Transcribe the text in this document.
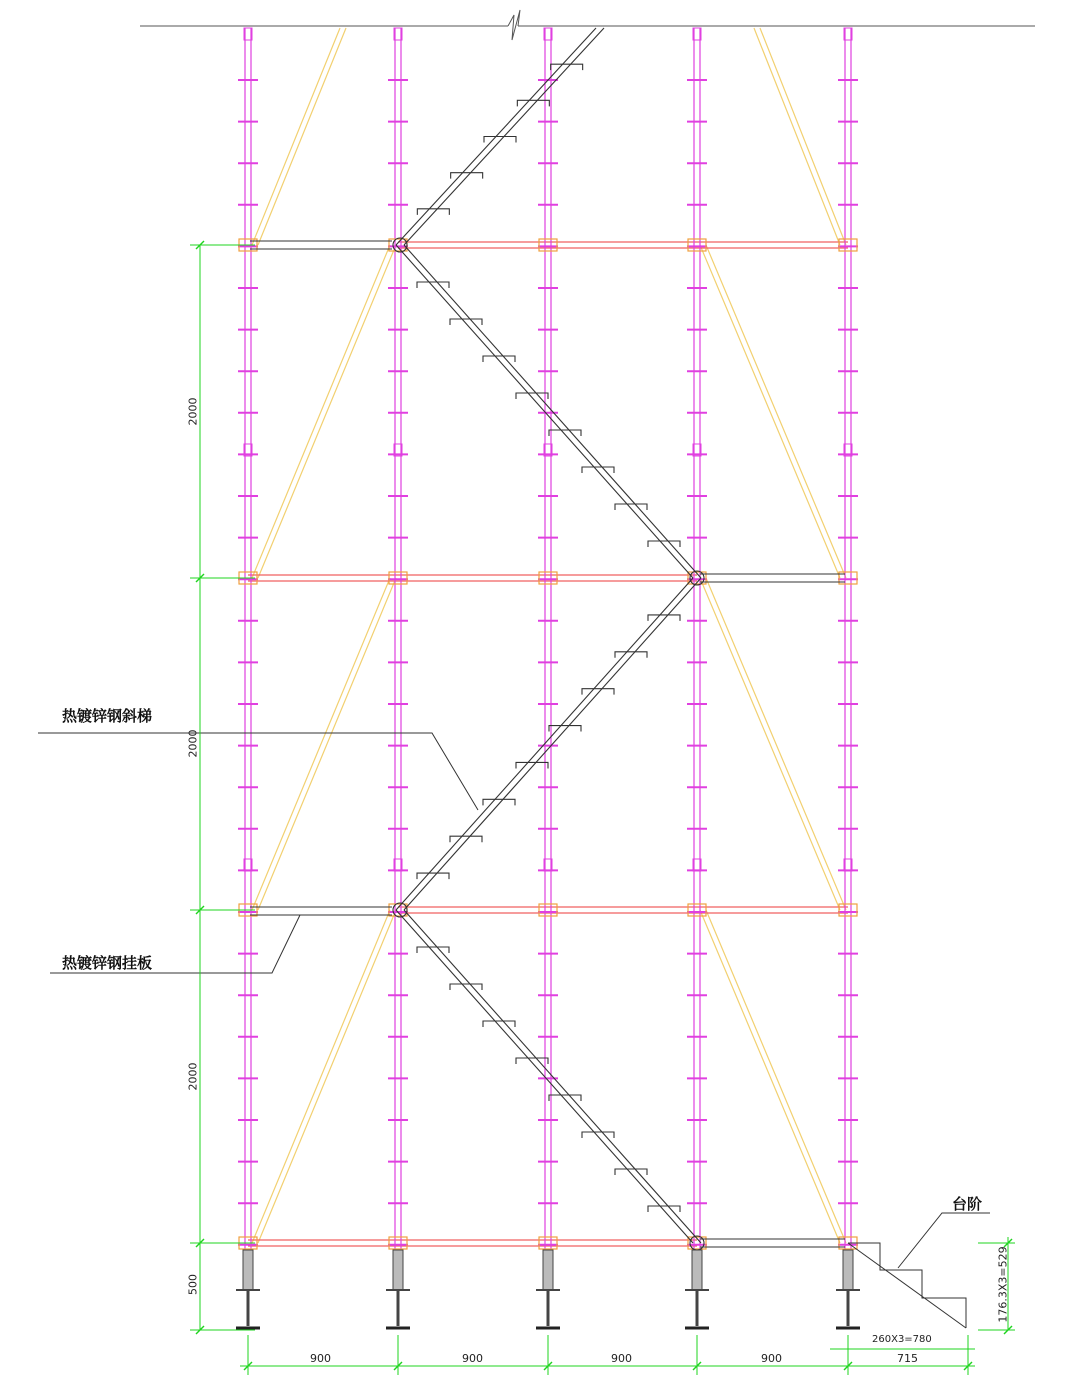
热镀锌钢斜梯
热镀锌钢挂板
台阶
500
2000
2000
2000
176.3X3=529
900	900	900	900	715
260X3=780
